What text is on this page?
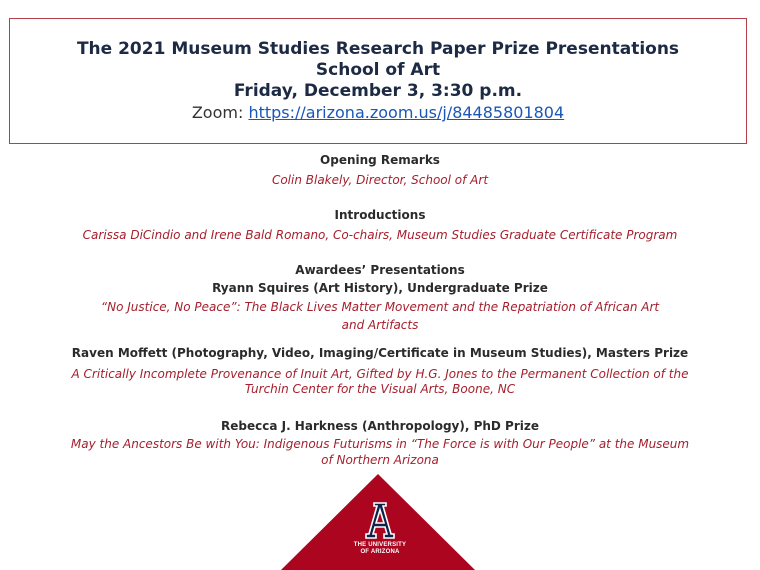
The 2021 Museum Studies Research Paper Prize Presentations
School of Art
Friday, December 3, 3:30 p.m.
Zoom: https://arizona.zoom.us/j/84485801804
Opening Remarks
Colin Blakely, Director, School of Art
Introductions
Carissa DiCindio and Irene Bald Romano, Co-chairs, Museum Studies Graduate Certificate Program
Awardees’ Presentations
Ryann Squires (Art History), Undergraduate Prize
“No Justice, No Peace”: The Black Lives Matter Movement and the Repatriation of African Art
and Artifacts
Raven Moffett (Photography, Video, Imaging/Certificate in Museum Studies), Masters Prize
A Critically Incomplete Provenance of Inuit Art, Gifted by H.G. Jones to the Permanent Collection of the
Turchin Center for the Visual Arts, Boone, NC
Rebecca J. Harkness (Anthropology), PhD Prize
May the Ancestors Be with You: Indigenous Futurisms in “The Force is with Our People” at the Museum
of Northern Arizona
THE UNIVERSITY
OF ARIZONA
